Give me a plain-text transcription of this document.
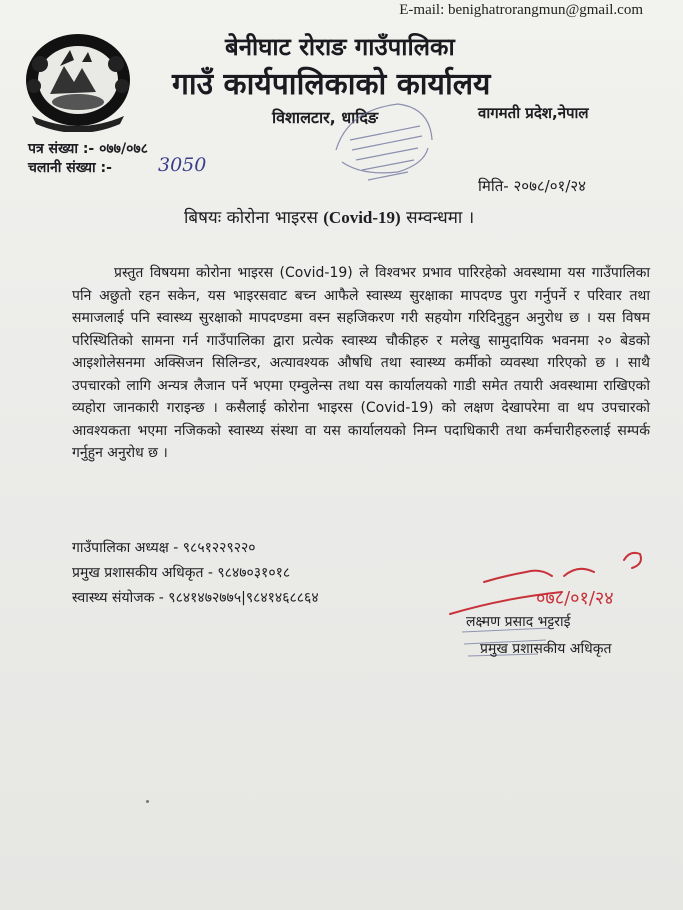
E-mail: benighatrorangmun@gmail.com
बेनीघाट रोराङ गाउँपालिका
गाउँ कार्यपालिकाको कार्यालय
विशालटार, धादिङ	वागमती प्रदेश,नेपाल
पत्र संख्या :- ०७७/०७८
चलानी संख्या :- 3050
मिति- २०७८/०१/२४
बिषयः कोरोना भाइरस (Covid-19) सम्वन्धमा ।
प्रस्तुत विषयमा कोरोना भाइरस (Covid-19) ले विश्वभर प्रभाव पारिरहेको अवस्थामा यस गाउँपालिका पनि अछुतो रहन सकेन, यस भाइरसवाट बच्न आफैले स्वास्थ्य सुरक्षाका मापदण्ड पुरा गर्नुपर्ने र परिवार तथा समाजलाई पनि स्वास्थ्य सुरक्षाको मापदण्डमा वस्न सहजिकरण गरी सहयोग गरिदिनुहुन अनुरोध छ । यस विषम परिस्थितिको सामना गर्न गाउँपालिका द्वारा प्रत्येक स्वास्थ्य चौकीहरु र मलेखु सामुदायिक भवनमा २० बेडको आइशोलेसनमा अक्सिजन सिलिन्डर, अत्यावश्यक औषधि तथा स्वास्थ्य कर्मीको व्यवस्था गरिएको छ । साथै उपचारको लागि अन्यत्र लैजान पर्ने भएमा एम्वुलेन्स तथा यस कार्यालयको गाडी समेत तयारी अवस्थामा राखिएको व्यहोरा जानकारी गराइन्छ । कसैलाई कोरोना भाइरस (Covid-19) को लक्षण देखापरेमा वा थप उपचारको आवश्यकता भएमा नजिकको स्वास्थ्य संस्था वा यस कार्यालयको निम्न पदाधिकारी तथा कर्मचारीहरुलाई सम्पर्क गर्नुहुन अनुरोध छ ।
गाउँपालिका अध्यक्ष - ९८५१२२९२२०
प्रमुख प्रशासकीय अधिकृत - ९८४७०३१०१८
स्वास्थ्य संयोजक - ९८४१४७२७७५|९८४१४६८८६४	०७८/०१/२४
लक्ष्मण प्रसाद भट्टराई
प्रमुख प्रशासकीय अधिकृत
